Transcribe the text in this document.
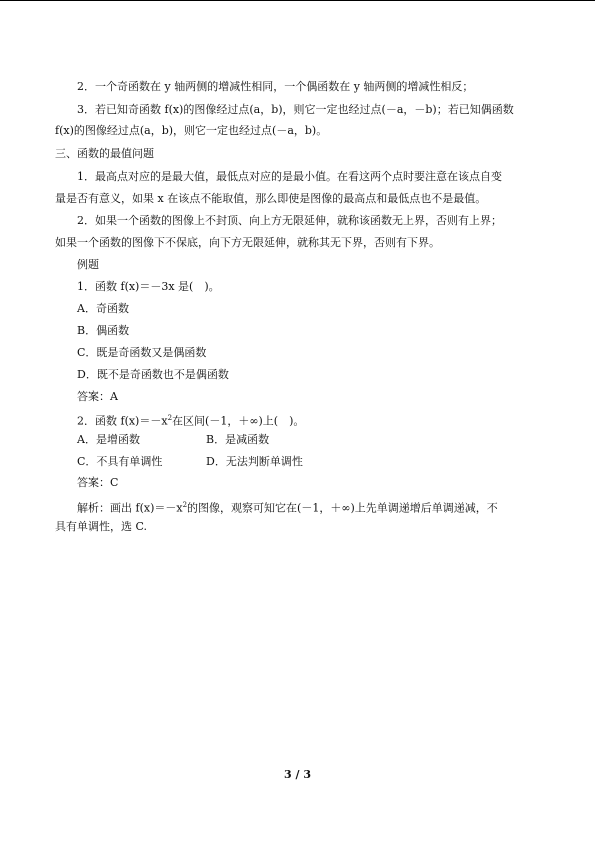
2．一个奇函数在 y 轴两侧的增减性相同，一个偶函数在 y 轴两侧的增减性相反；
3．若已知奇函数 f(x)的图像经过点(a，b)，则它一定也经过点(－a，－b)；若已知偶函数
f(x)的图像经过点(a，b)，则它一定也经过点(－a，b)。
三、函数的最值问题
1．最高点对应的是最大值，最低点对应的是最小值。在看这两个点时要注意在该点自变
量是否有意义，如果 x 在该点不能取值，那么即使是图像的最高点和最低点也不是最值。
2．如果一个函数的图像上不封顶、向上方无限延伸，就称该函数无上界，否则有上界；
如果一个函数的图像下不保底，向下方无限延伸，就称其无下界，否则有下界。
例题
1．函数 f(x)＝－3x 是(　)。
A．奇函数
B．偶函数
C．既是奇函数又是偶函数
D．既不是奇函数也不是偶函数
答案：A
2．函数 $f(x)=-x^2$在区间(－1，＋∞)上(　)。
A．是增函数	B．是减函数
C．不具有单调性	D．无法判断单调性
答案：C
解析：画出 $f(x)=-x^2$的图像，观察可知它在(－1，＋∞)上先单调递增后单调递减，不
具有单调性，选 C.
3 / 3
